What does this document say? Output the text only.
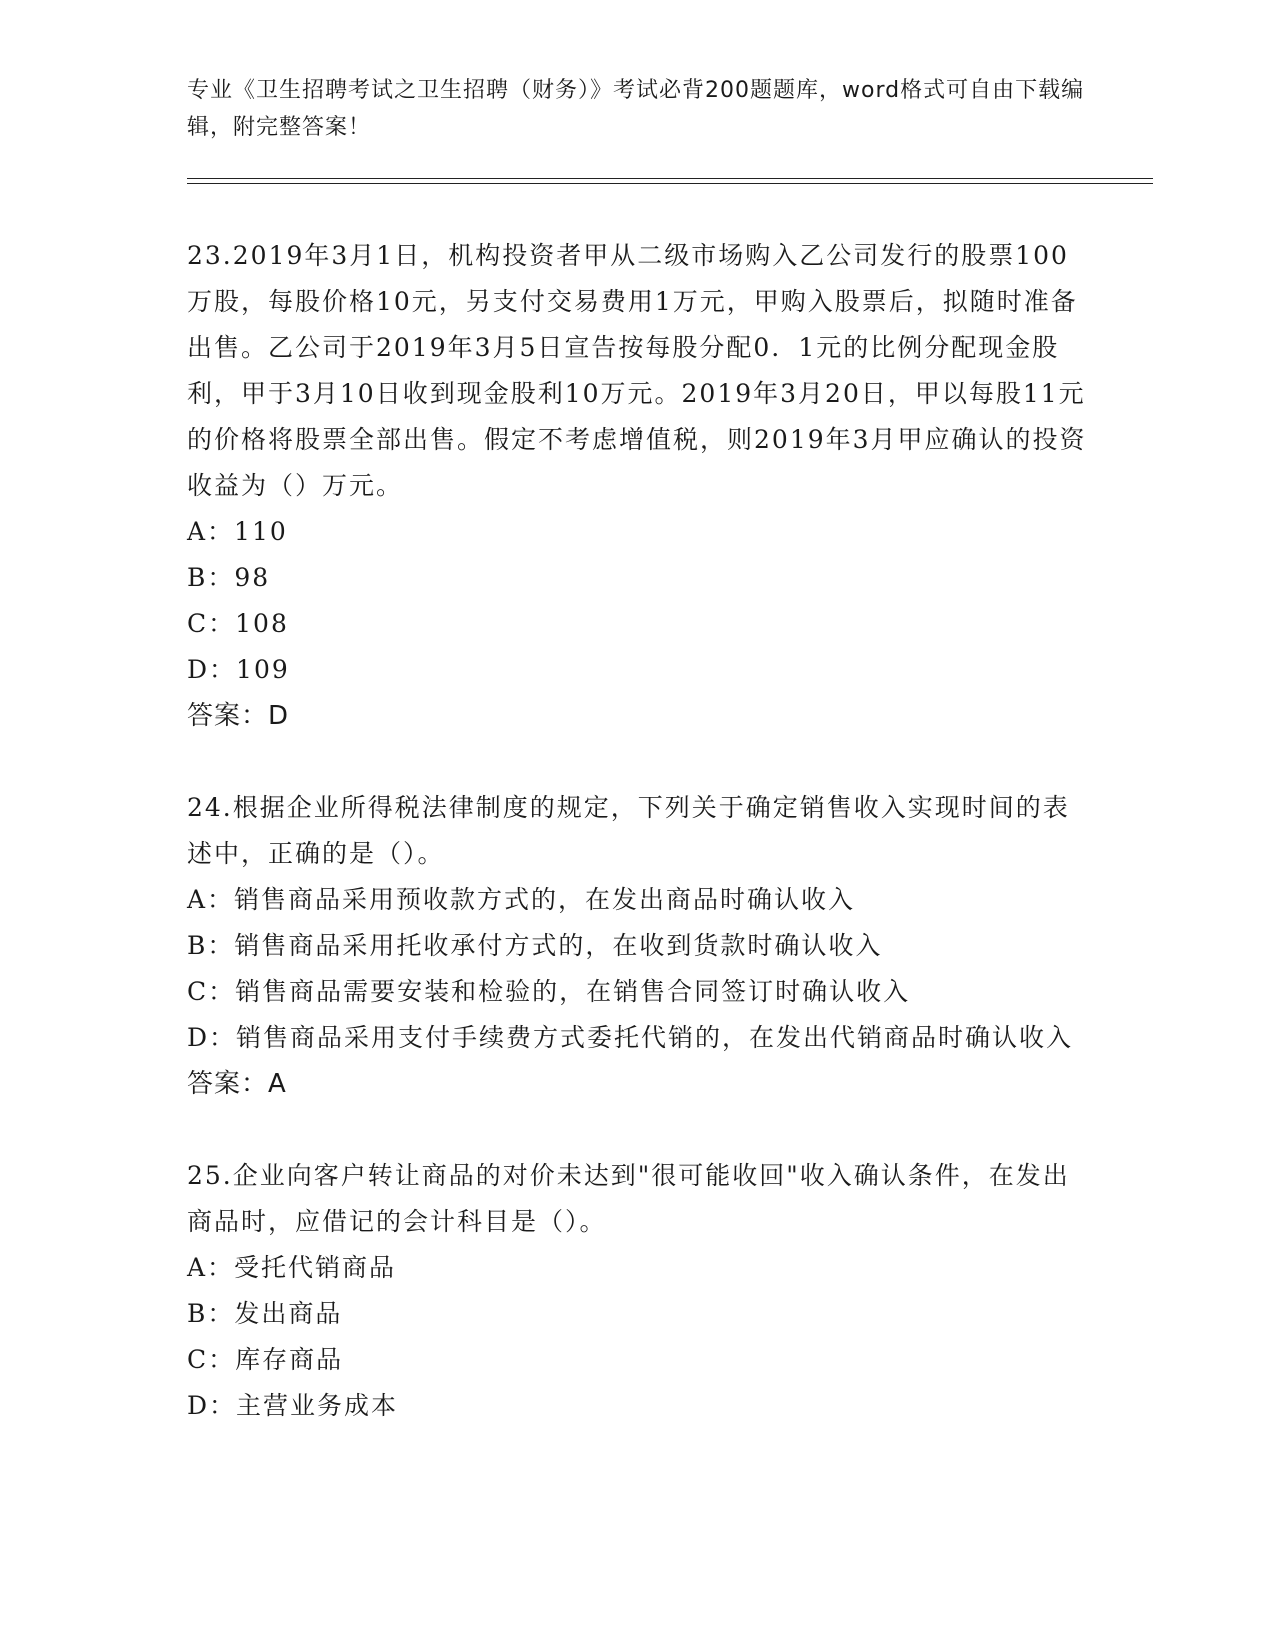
专业《卫生招聘考试之卫生招聘（财务）》考试必背200题题库，word格式可自由下载编辑，附完整答案！

23.2019年3月1日，机构投资者甲从二级市场购入乙公司发行的股票100万股，每股价格10元，另支付交易费用1万元，甲购入股票后，拟随时准备出售。乙公司于2019年3月5日宣告按每股分配0．1元的比例分配现金股利，甲于3月10日收到现金股利10万元。2019年3月20日，甲以每股11元的价格将股票全部出售。假定不考虑增值税，则2019年3月甲应确认的投资收益为（）万元。

A：110

B：98

C：108

D：109

答案：D

24.根据企业所得税法律制度的规定，下列关于确定销售收入实现时间的表述中，正确的是（）。

A：销售商品采用预收款方式的，在发出商品时确认收入

B：销售商品采用托收承付方式的，在收到货款时确认收入

C：销售商品需要安装和检验的，在销售合同签订时确认收入

D：销售商品采用支付手续费方式委托代销的，在发出代销商品时确认收入

答案：A

25.企业向客户转让商品的对价未达到"很可能收回"收入确认条件，在发出商品时，应借记的会计科目是（）。

A：受托代销商品

B：发出商品

C：库存商品

D：主营业务成本
